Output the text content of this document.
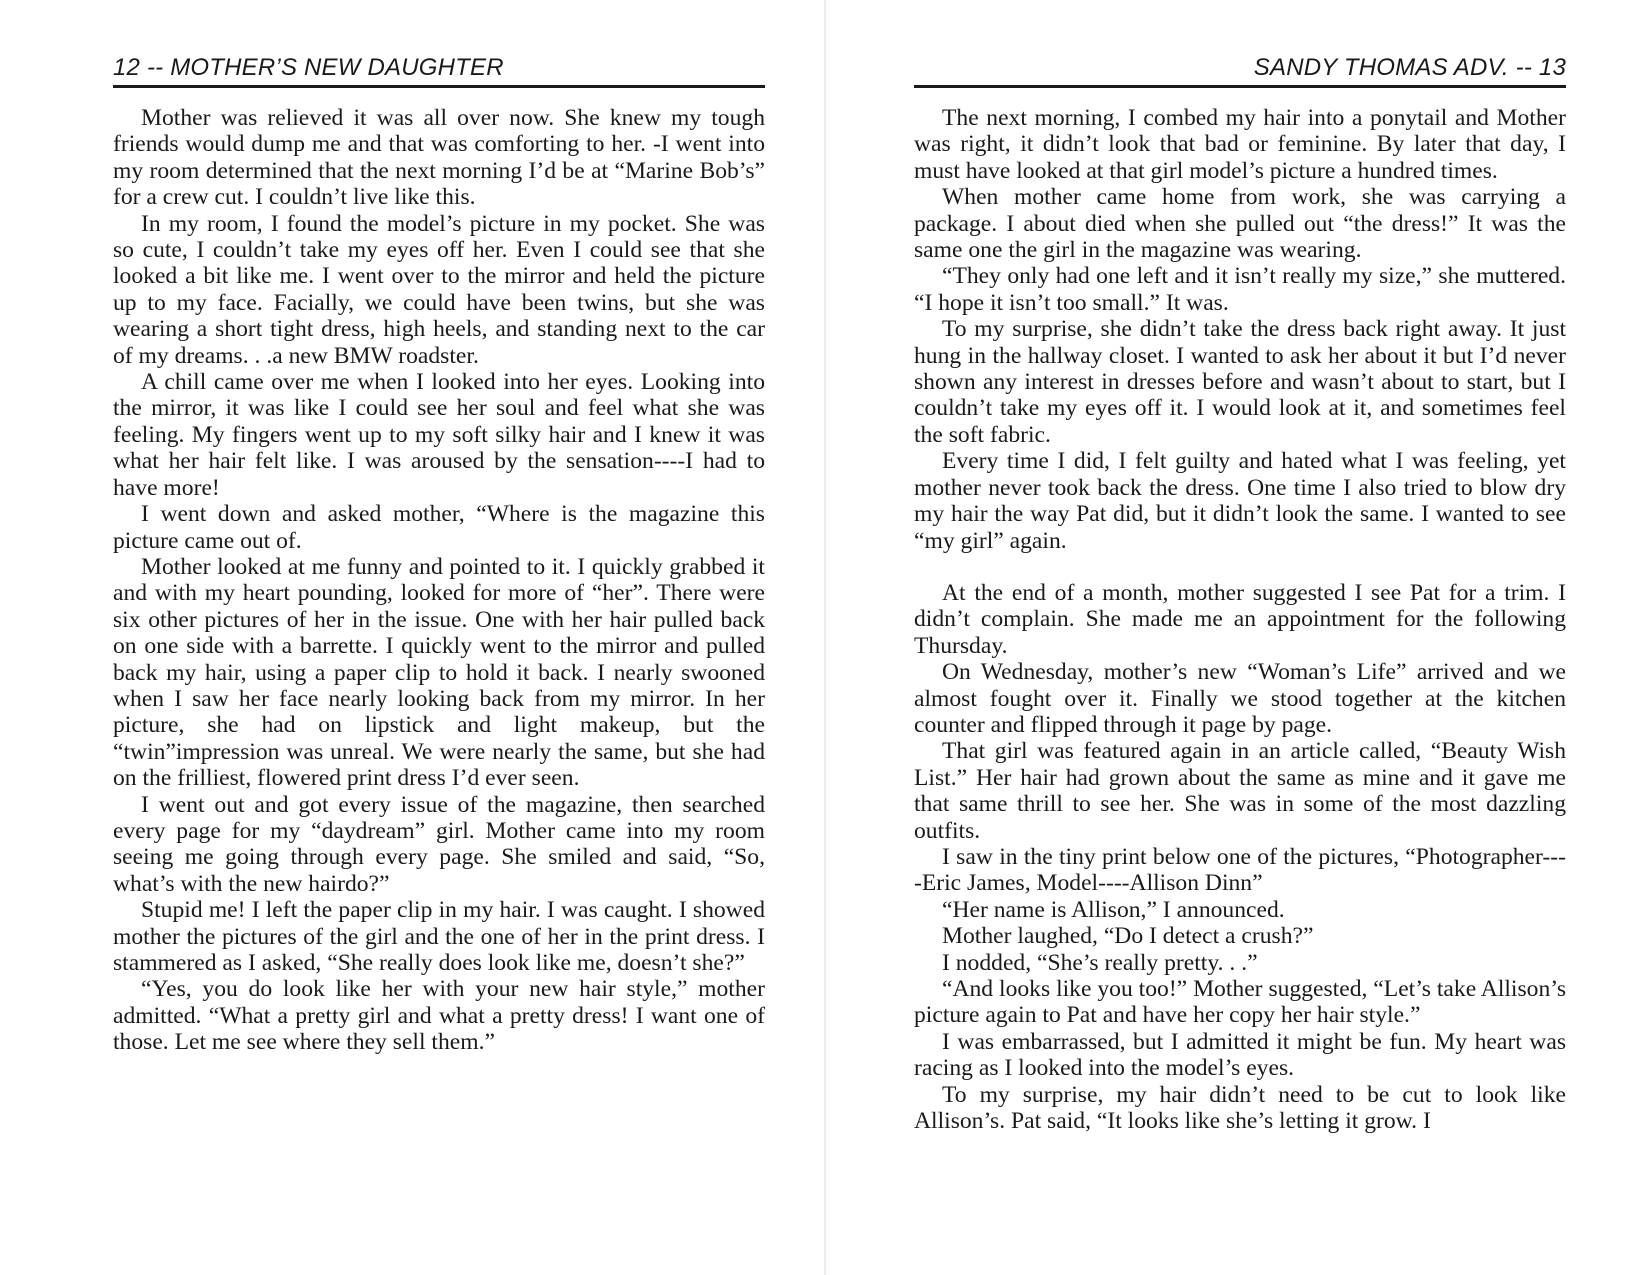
12 -- MOTHER’S NEW DAUGHTER

Mother was relieved it was all over now. She knew my tough friends would dump me and that was comforting to her. -I went into my room determined that the next morning I’d be at “Marine Bob’s” for a crew cut. I couldn’t live like this.

In my room, I found the model’s picture in my pocket. She was so cute, I couldn’t take my eyes off her. Even I could see that she looked a bit like me. I went over to the mirror and held the picture up to my face. Facially, we could have been twins, but she was wearing a short tight dress, high heels, and standing next to the car of my dreams. . .a new BMW roadster.

A chill came over me when I looked into her eyes. Looking into the mirror, it was like I could see her soul and feel what she was feeling. My fingers went up to my soft silky hair and I knew it was what her hair felt like. I was aroused by the sensation----I had to have more!

I went down and asked mother, “Where is the magazine this picture came out of.

Mother looked at me funny and pointed to it. I quickly grabbed it and with my heart pounding, looked for more of “her”. There were six other pictures of her in the issue. One with her hair pulled back on one side with a barrette. I quickly went to the mirror and pulled back my hair, using a paper clip to hold it back. I nearly swooned when I saw her face nearly looking back from my mirror. In her picture, she had on lipstick and light makeup, but the “twin”impression was unreal. We were nearly the same, but she had on the frilliest, flowered print dress I’d ever seen.

I went out and got every issue of the magazine, then searched every page for my “daydream” girl. Mother came into my room seeing me going through every page. She smiled and said, “So, what’s with the new hairdo?”

Stupid me! I left the paper clip in my hair. I was caught. I showed mother the pictures of the girl and the one of her in the print dress. I stammered as I asked, “She really does look like me, doesn’t she?”

“Yes, you do look like her with your new hair style,” mother admitted. “What a pretty girl and what a pretty dress! I want one of those. Let me see where they sell them.”

SANDY THOMAS ADV. -- 13

The next morning, I combed my hair into a ponytail and Mother was right, it didn’t look that bad or feminine. By later that day, I must have looked at that girl model’s picture a hundred times.

When mother came home from work, she was carrying a package. I about died when she pulled out “the dress!” It was the same one the girl in the magazine was wearing.

“They only had one left and it isn’t really my size,” she muttered. “I hope it isn’t too small.” It was.

To my surprise, she didn’t take the dress back right away. It just hung in the hallway closet. I wanted to ask her about it but I’d never shown any interest in dresses before and wasn’t about to start, but I couldn’t take my eyes off it. I would look at it, and sometimes feel the soft fabric.

Every time I did, I felt guilty and hated what I was feeling, yet mother never took back the dress. One time I also tried to blow dry my hair the way Pat did, but it didn’t look the same. I wanted to see “my girl” again.

At the end of a month, mother suggested I see Pat for a trim. I didn’t complain. She made me an appointment for the following Thursday.

On Wednesday, mother’s new “Woman’s Life” arrived and we almost fought over it. Finally we stood together at the kitchen counter and flipped through it page by page.

That girl was featured again in an article called, “Beauty Wish List.” Her hair had grown about the same as mine and it gave me that same thrill to see her. She was in some of the most dazzling outfits.

I saw in the tiny print below one of the pictures, “Photographer----Eric James, Model----Allison Dinn”

“Her name is Allison,” I announced.

Mother laughed, “Do I detect a crush?”

I nodded, “She’s really pretty. . .”

“And looks like you too!” Mother suggested, “Let’s take Allison’s picture again to Pat and have her copy her hair style.”

I was embarrassed, but I admitted it might be fun. My heart was racing as I looked into the model’s eyes.

To my surprise, my hair didn’t need to be cut to look like Allison’s. Pat said, “It looks like she’s letting it grow. I
